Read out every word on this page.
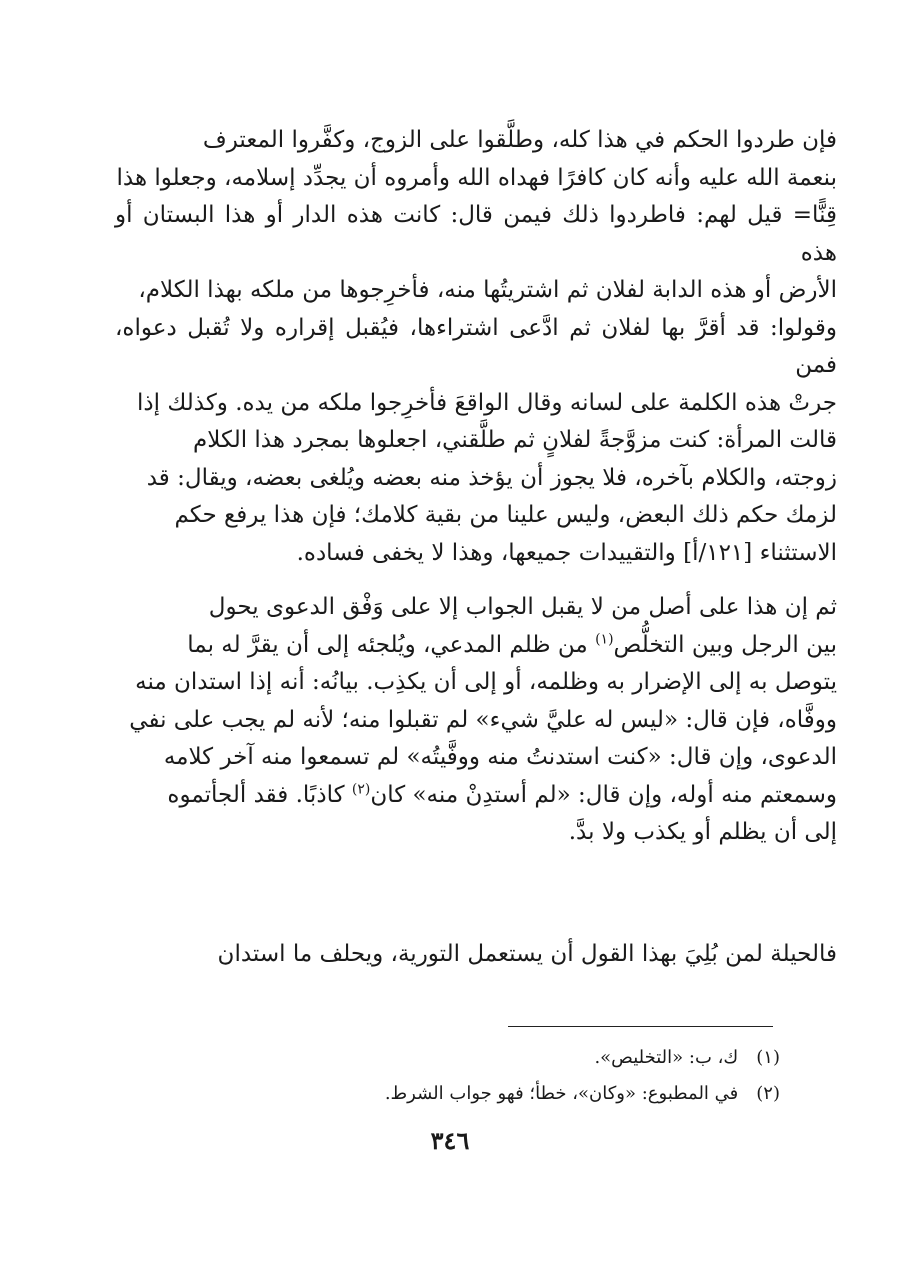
فإن طردوا الحكم في هذا كله، وطلَّقوا على الزوج، وكفَّروا المعترف

بنعمة الله عليه وأنه كان كافرًا فهداه الله وأمروه أن يجدِّد إسلامه، وجعلوا هذا

قِنًّا= قيل لهم: فاطردوا ذلك فيمن قال: كانت هذه الدار أو هذا البستان أو هذه

الأرض أو هذه الدابة لفلان ثم اشتريتُها منه، فأخرِجوها من ملكه بهذا الكلام،

وقولوا: قد أقرَّ بها لفلان ثم ادَّعى اشتراءها، فيُقبل إقراره ولا تُقبل دعواه، فمن

جرتْ هذه الكلمة على لسانه وقال الواقعَ فأخرِجوا ملكه من يده. وكذلك إذا

قالت المرأة: كنت مزوَّجةً لفلانٍ ثم طلَّقني، اجعلوها بمجرد هذا الكلام

زوجته، والكلام بآخره، فلا يجوز أن يؤخذ منه بعضه ويُلغى بعضه، ويقال: قد

لزمك حكم ذلك البعض، وليس علينا من بقية كلامك؛ فإن هذا يرفع حكم

الاستثناء [١٢١/أ] والتقييدات جميعها، وهذا لا يخفى فساده.

ثم إن هذا على أصل من لا يقبل الجواب إلا على وَفْق الدعوى يحول

بين الرجل وبين التخلُّص$^{(١)}$ من ظلم المدعي، ويُلجئه إلى أن يقرَّ له بما

يتوصل به إلى الإضرار به وظلمه، أو إلى أن يكذِب. بيانُه: أنه إذا استدان منه

ووفَّاه، فإن قال: «ليس له عليَّ شيء» لم تقبلوا منه؛ لأنه لم يجب على نفي

الدعوى، وإن قال: «كنت استدنتُ منه ووفَّيتُه» لم تسمعوا منه آخر كلامه

وسمعتم منه أوله، وإن قال: «لم أستدِنْ منه» كان$^{(٢)}$ كاذبًا. فقد ألجأتموه

إلى أن يظلم أو يكذب ولا بدَّ.

فالحيلة لمن بُلِيَ بهذا القول أن يستعمل التورية، ويحلف ما استدان

(١) ك، ب: «التخليص».

(٢) في المطبوع: «وكان»، خطأ؛ فهو جواب الشرط.

٣٤٦
